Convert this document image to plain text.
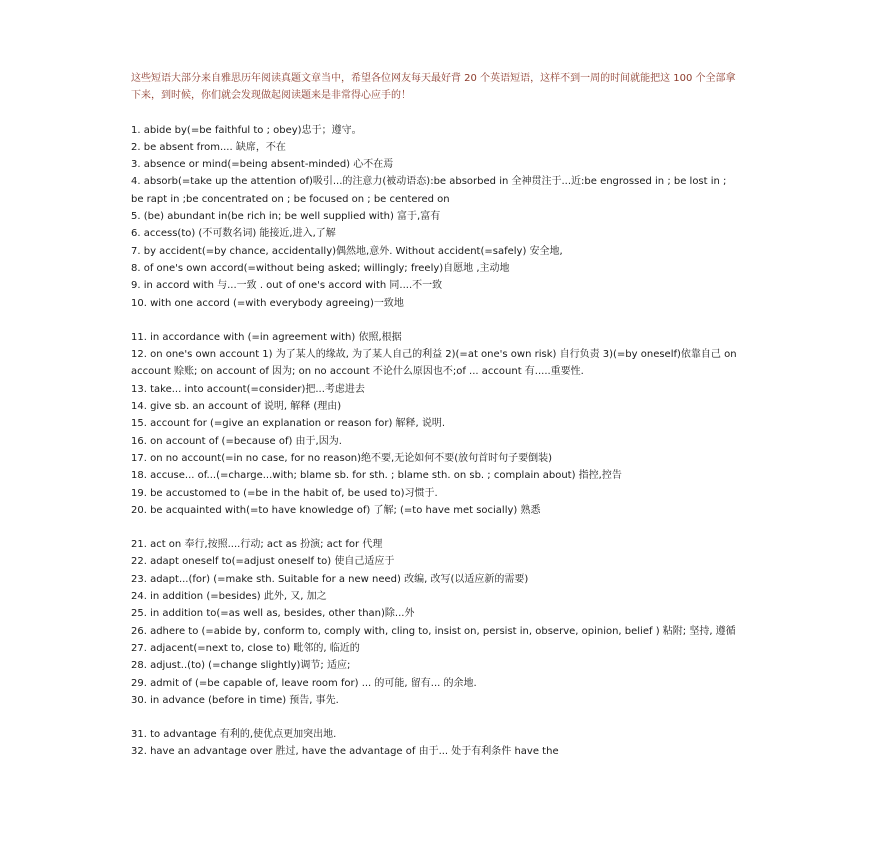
这些短语大部分来自雅思历年阅读真题文章当中，希望各位网友每天最好背 20 个英语短语，这样不到一周的时间就能把这 100 个全部拿下来，到时候，你们就会发现做起阅读题来是非常得心应手的！

1. abide by(=be faithful to ; obey)忠于；遵守。

2. be absent from.... 缺席，不在

3. absence or mind(=being absent-minded) 心不在焉

4. absorb(=take up the attention of)吸引...的注意力(被动语态):be absorbed in 全神贯注于...近:be engrossed in ; be lost in ; be rapt in ;be concentrated on ; be focused on ; be centered on

5. (be) abundant in(be rich in; be well supplied with) 富于,富有

6. access(to) (不可数名词) 能接近,进入,了解

7. by accident(=by chance, accidentally)偶然地,意外. Without accident(=safely) 安全地,

8. of one's own accord(=without being asked; willingly; freely)自愿地 ,主动地

9. in accord with 与...一致 . out of one's accord with 同....不一致

10. with one accord (=with everybody agreeing)一致地

11. in accordance with (=in agreement with) 依照,根据

12. on one's own account 1) 为了某人的缘故, 为了某人自己的利益 2)(=at one's own risk) 自行负责 3)(=by oneself)依靠自己 on account 赊账; on account of 因为; on no account 不论什么原因也不;of ... account 有.....重要性.

13. take... into account(=consider)把...考虑进去

14. give sb. an account of 说明, 解释 (理由)

15. account for (=give an explanation or reason for) 解释, 说明.

16. on account of (=because of) 由于,因为.

17. on no account(=in no case, for no reason)绝不要,无论如何不要(放句首时句子要倒装)

18. accuse... of...(=charge...with; blame sb. for sth. ; blame sth. on sb. ; complain about) 指控,控告

19. be accustomed to (=be in the habit of, be used to)习惯于.

20. be acquainted with(=to have knowledge of) 了解; (=to have met socially) 熟悉

21. act on 奉行,按照....行动; act as 扮演; act for 代理

22. adapt oneself to(=adjust oneself to) 使自己适应于

23. adapt...(for) (=make sth. Suitable for a new need) 改编, 改写(以适应新的需要)

24. in addition (=besides) 此外, 又, 加之

25. in addition to(=as well as, besides, other than)除...外

26. adhere to (=abide by, conform to, comply with, cling to, insist on, persist in, observe, opinion, belief ) 粘附; 坚持, 遵循

27. adjacent(=next to, close to) 毗邻的, 临近的

28. adjust..(to) (=change slightly)调节; 适应;

29. admit of (=be capable of, leave room for) ... 的可能, 留有... 的余地.

30. in advance (before in time) 预告, 事先.

31. to advantage 有利的,使优点更加突出地.

32. have an advantage over 胜过, have the advantage of 由于... 处于有利条件 have the
